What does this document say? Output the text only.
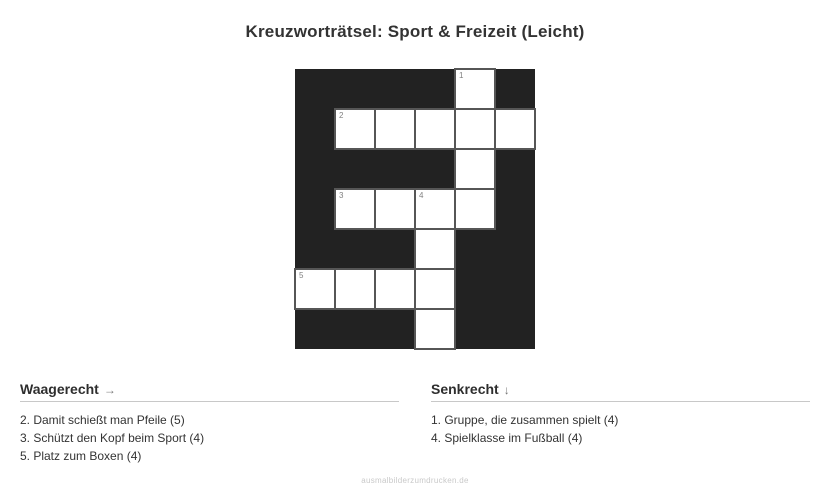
Kreuzworträtsel: Sport & Freizeit (Leicht)
1
2
3	4
5
Waagerecht →
2. Damit schießt man Pfeile (5)
3. Schützt den Kopf beim Sport (4)
5. Platz zum Boxen (4)
Senkrecht ↓
1. Gruppe, die zusammen spielt (4)
4. Spielklasse im Fußball (4)
ausmalbilderzumdrucken.de
